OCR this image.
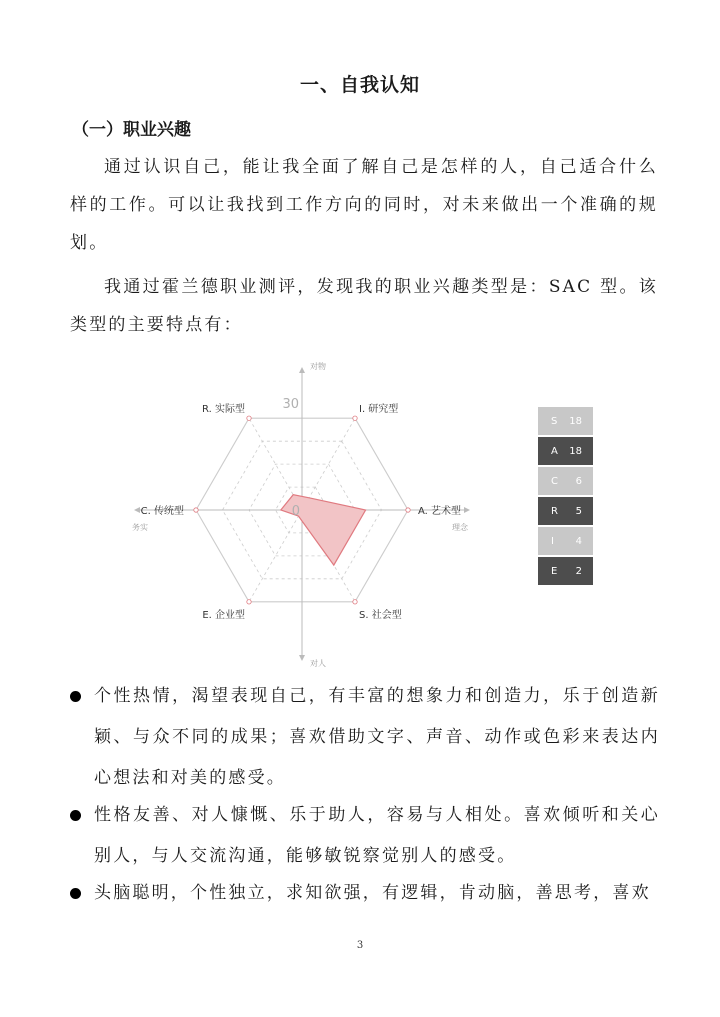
一、自我认知
（一）职业兴趣

通过认识自己，能让我全面了解自己是怎样的人，自己适合什么样的工作。可以让我找到工作方向的同时，对未来做出一个准确的规划。

我通过霍兰德职业测评，发现我的职业兴趣类型是：SAC 型。该类型的主要特点有：

I. 研究型
A. 艺术型
S. 社会型
E. 企业型
C. 传统型
R. 实际型	30
0
对物
对人
务实	理念
S 18
A 18
C 6
R 5
I 4
E 2
个性热情，渴望表现自己，有丰富的想象力和创造力，乐于创造新颖、与众不同的成果；喜欢借助文字、声音、动作或色彩来表达内心想法和对美的感受。
性格友善、对人慷慨、乐于助人，容易与人相处。喜欢倾听和关心别人，与人交流沟通，能够敏锐察觉别人的感受。
头脑聪明，个性独立，求知欲强，有逻辑，肯动脑，善思考，喜欢
3
